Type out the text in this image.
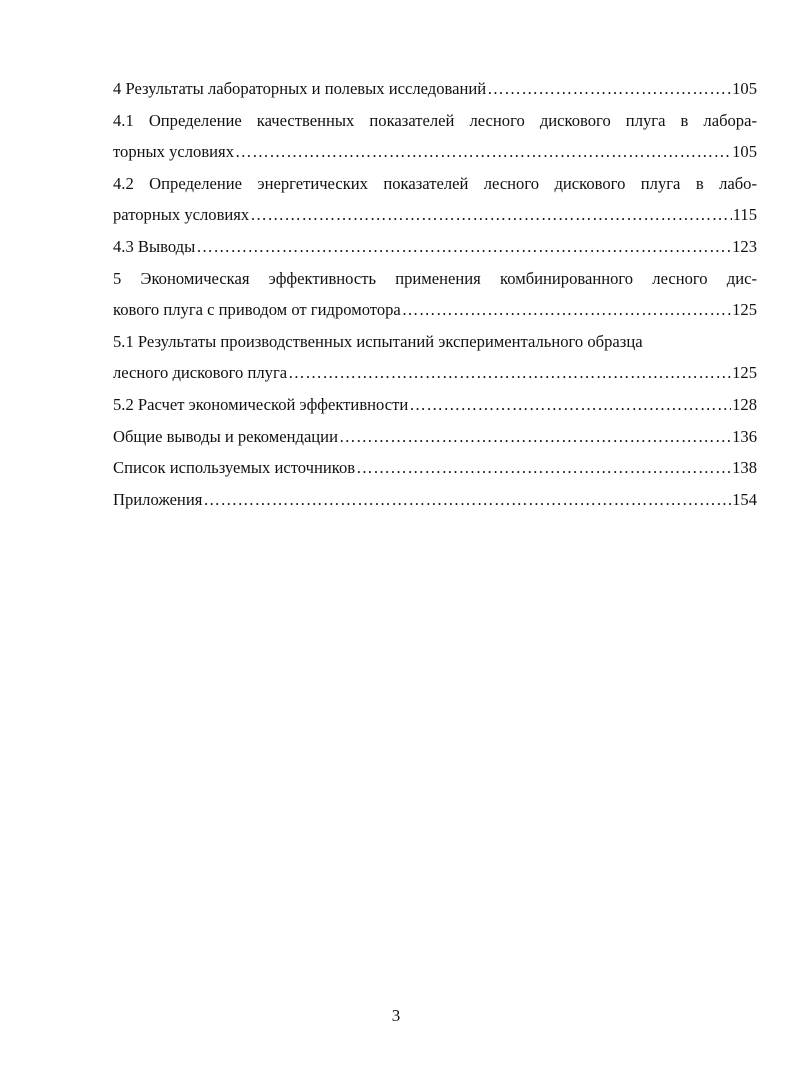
4 Результаты лабораторных и полевых исследований …………………………………………………………………………………………………………………………………………	105
4.1 Определение качественных показателей лесного дискового плуга в лабора-
торных условиях …………………………………………………………………………………………………………………………………………	105
4.2 Определение энергетических показателей лесного дискового плуга в лабо-
раторных условиях …………………………………………………………………………………………………………………………………………	115
4.3 Выводы …………………………………………………………………………………………………………………………………………	123
5 Экономическая эффективность применения комбинированного лесного дис-
кового плуга с приводом от гидромотора …………………………………………………………………………………………………………………………………………	125
5.1 Результаты производственных испытаний экспериментального образца
лесного дискового плуга …………………………………………………………………………………………………………………………………………	125
5.2 Расчет экономической эффективности …………………………………………………………………………………………………………………………………………	128
Общие выводы и рекомендации …………………………………………………………………………………………………………………………………………	136
Список используемых источников …………………………………………………………………………………………………………………………………………	138
Приложения …………………………………………………………………………………………………………………………………………	154
3
